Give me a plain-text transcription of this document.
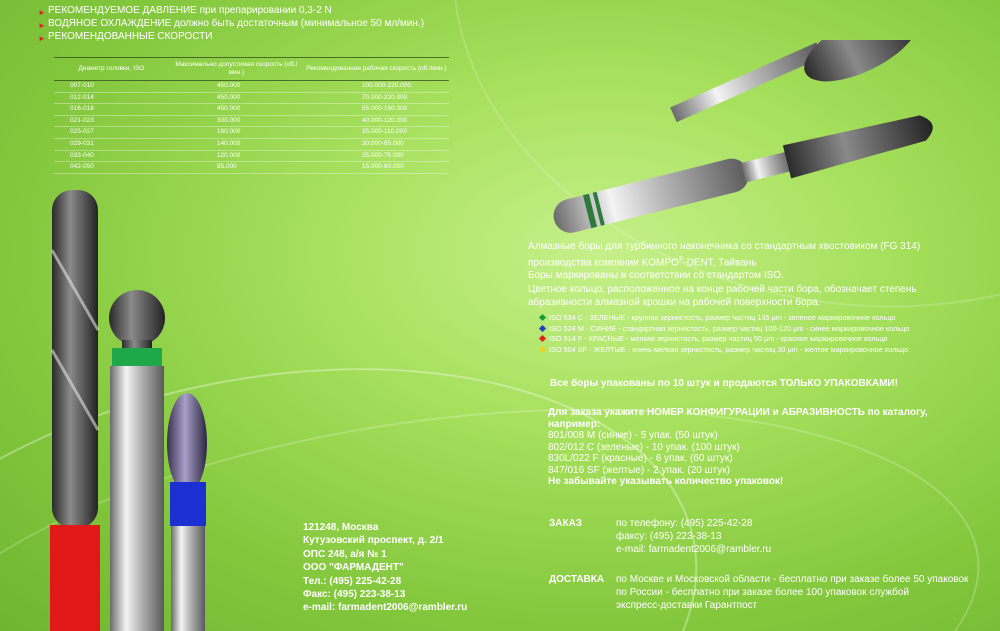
► РЕКОМЕНДУЕМОЕ ДАВЛЕНИЕ при препарировании 0,3-2 N
► ВОДЯНОЕ ОХЛАЖДЕНИЕ должно быть достаточным (минимальное 50 мл/мин.)
► РЕКОМЕНДОВАННЫЕ СКОРОСТИ
Диаметр головки, ISO	Максимально допустимая скорость (об./мин.)	Рекомендованная рабочая скорость (об./мин.)
007-010	450.000	100.000-220.000
012-014	450.000	70.000-220.000
016-018	450.000	55.000-160.000
021-023	300.000	40.000-120.000
025-027	160.000	35.000-110.000
029-031	140.000	30.000-95.000
033-040	120.000	25.000-75.000
042-050	95.000	15.000-60.000
Алмазные боры для турбинного наконечника со стандартным хвостовиком (FG 314)
производства компании KOMPO®-DENT, Тайвань
Боры маркированы в соответствии со стандартом ISO.
Цветное кольцо, расположенное на конце рабочей части бора, обозначает степень
абразивности алмазной крошки на рабочей поверхности бора.
ISO 534 С - ЗЕЛЕНЫЕ - крупная зернистость, размер частиц 135 μm - зеленое маркировочное кольцо
ISO 524 М - СИНИЕ - стандартная зернистость, размер частиц 100-120 μm - синее маркировочное кольцо
ISO 514 F - КРАСНЫЕ - мелкая зернистость, размер частиц 50 μm - красное маркировочное кольцо
ISO 504 SF - ЖЕЛТЫЕ - очень мелкая зернистость, размер частиц 30 μm - желтое маркировочное кольцо
Все боры упакованы по 10 штук и продаются ТОЛЬКО УПАКОВКАМИ!
Для заказа укажите НОМЕР КОНФИГУРАЦИИ и АБРАЗИВНОСТЬ по каталогу,
например:
801/008 М (синие) - 5 упак. (50 штук)
802/012 С (зеленые) - 10 упак. (100 штук)
830L/022 F (красные) - 6 упак. (60 штук)
847/016 SF (желтые) - 2 упак. (20 штук)
Не забывайте указывать количество упаковок!
121248, Москва
Кутузовский проспект, д. 2/1
ОПС 248, а/я № 1
ООО "ФАРМАДЕНТ"
Тел.: (495) 225-42-28
Факс: (495) 223-38-13
e-mail: farmadent2006@rambler.ru
ЗАКАЗ	по телефону: (495) 225-42-28
факсу: (495) 223-38-13
e-mail: farmadent2006@rambler.ru
ДОСТАВКА по Москве и Московской области - бесплатно при заказе более 50 упаковок
по России - бесплатно при заказе более 100 упаковок службой
экспресс-доставки Гарантпост
